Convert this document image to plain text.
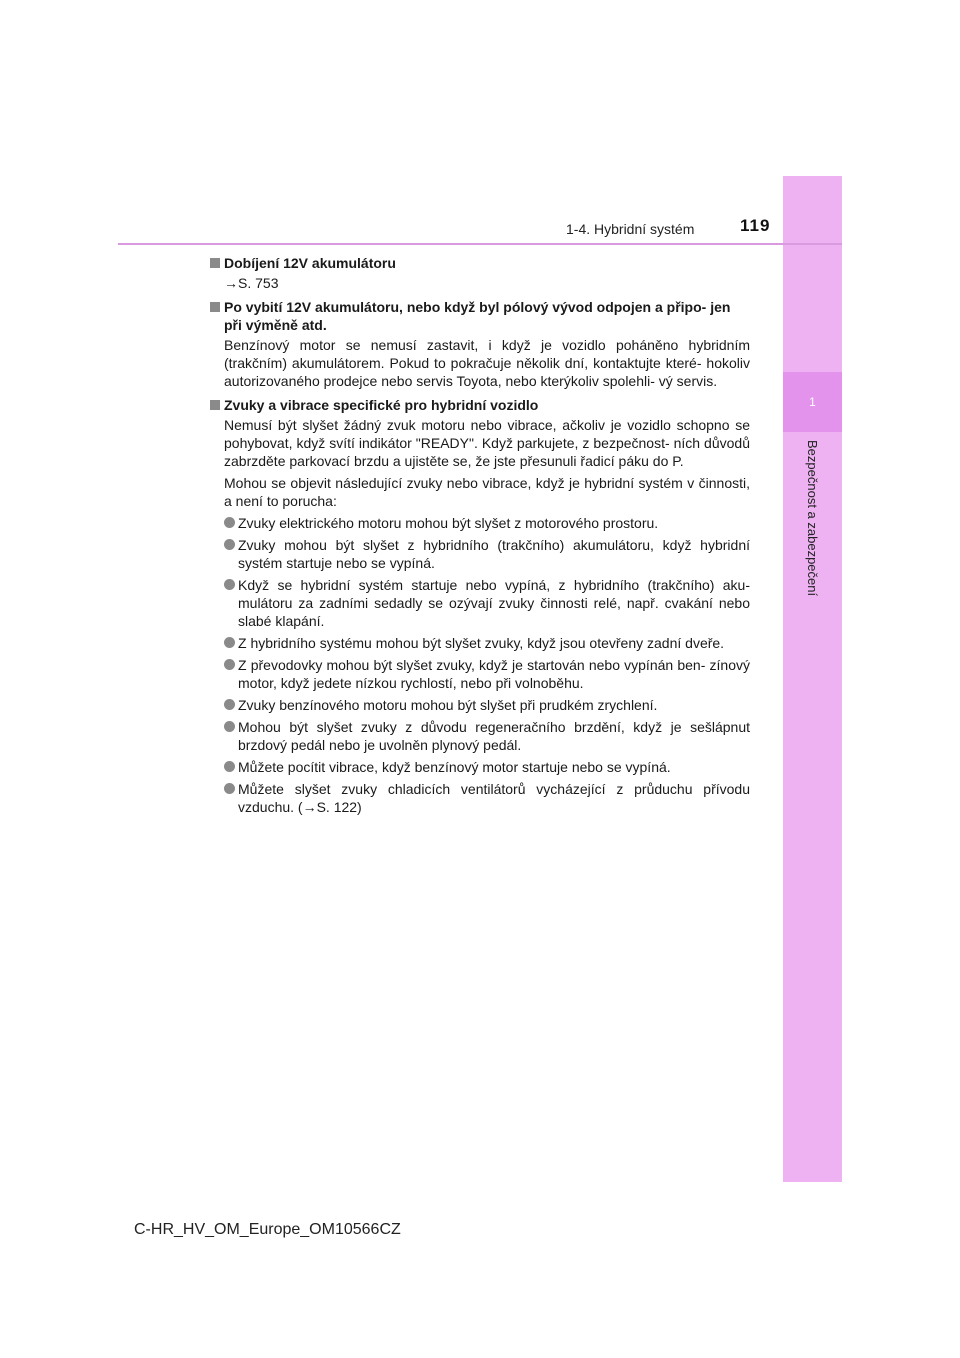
1
Bezpečnost a zabezpečení
1-4. Hybridní systém	119
Dobíjení 12V akumulátoru
→S. 753
Po vybití 12V akumulátoru, nebo když byl pólový vývod odpojen a připo- jen při výměně atd.
Benzínový motor se nemusí zastavit, i když je vozidlo poháněno hybridním (trakčním) akumulátorem. Pokud to pokračuje několik dní, kontaktujte které- hokoliv autorizovaného prodejce nebo servis Toyota, nebo kterýkoliv spolehli- vý servis.
Zvuky a vibrace specifické pro hybridní vozidlo
Nemusí být slyšet žádný zvuk motoru nebo vibrace, ačkoliv je vozidlo schopno se pohybovat, když svítí indikátor "READY". Když parkujete, z bezpečnost- ních důvodů zabrzděte parkovací brzdu a ujistěte se, že jste přesunuli řadicí páku do P.
Mohou se objevit následující zvuky nebo vibrace, když je hybridní systém v činnosti, a není to porucha:
Zvuky elektrického motoru mohou být slyšet z motorového prostoru.
Zvuky mohou být slyšet z hybridního (trakčního) akumulátoru, když hybridní systém startuje nebo se vypíná.
Když se hybridní systém startuje nebo vypíná, z hybridního (trakčního) aku- mulátoru za zadními sedadly se ozývají zvuky činnosti relé, např. cvakání nebo slabé klapání.
Z hybridního systému mohou být slyšet zvuky, když jsou otevřeny zadní dveře.
Z převodovky mohou být slyšet zvuky, když je startován nebo vypínán ben- zínový motor, když jedete nízkou rychlostí, nebo při volnoběhu.
Zvuky benzínového motoru mohou být slyšet při prudkém zrychlení.
Mohou být slyšet zvuky z důvodu regeneračního brzdění, když je sešlápnut brzdový pedál nebo je uvolněn plynový pedál.
Můžete pocítit vibrace, když benzínový motor startuje nebo se vypíná.
Můžete slyšet zvuky chladicích ventilátorů vycházející z průduchu přívodu vzduchu. (→S. 122)
C-HR_HV_OM_Europe_OM10566CZ
